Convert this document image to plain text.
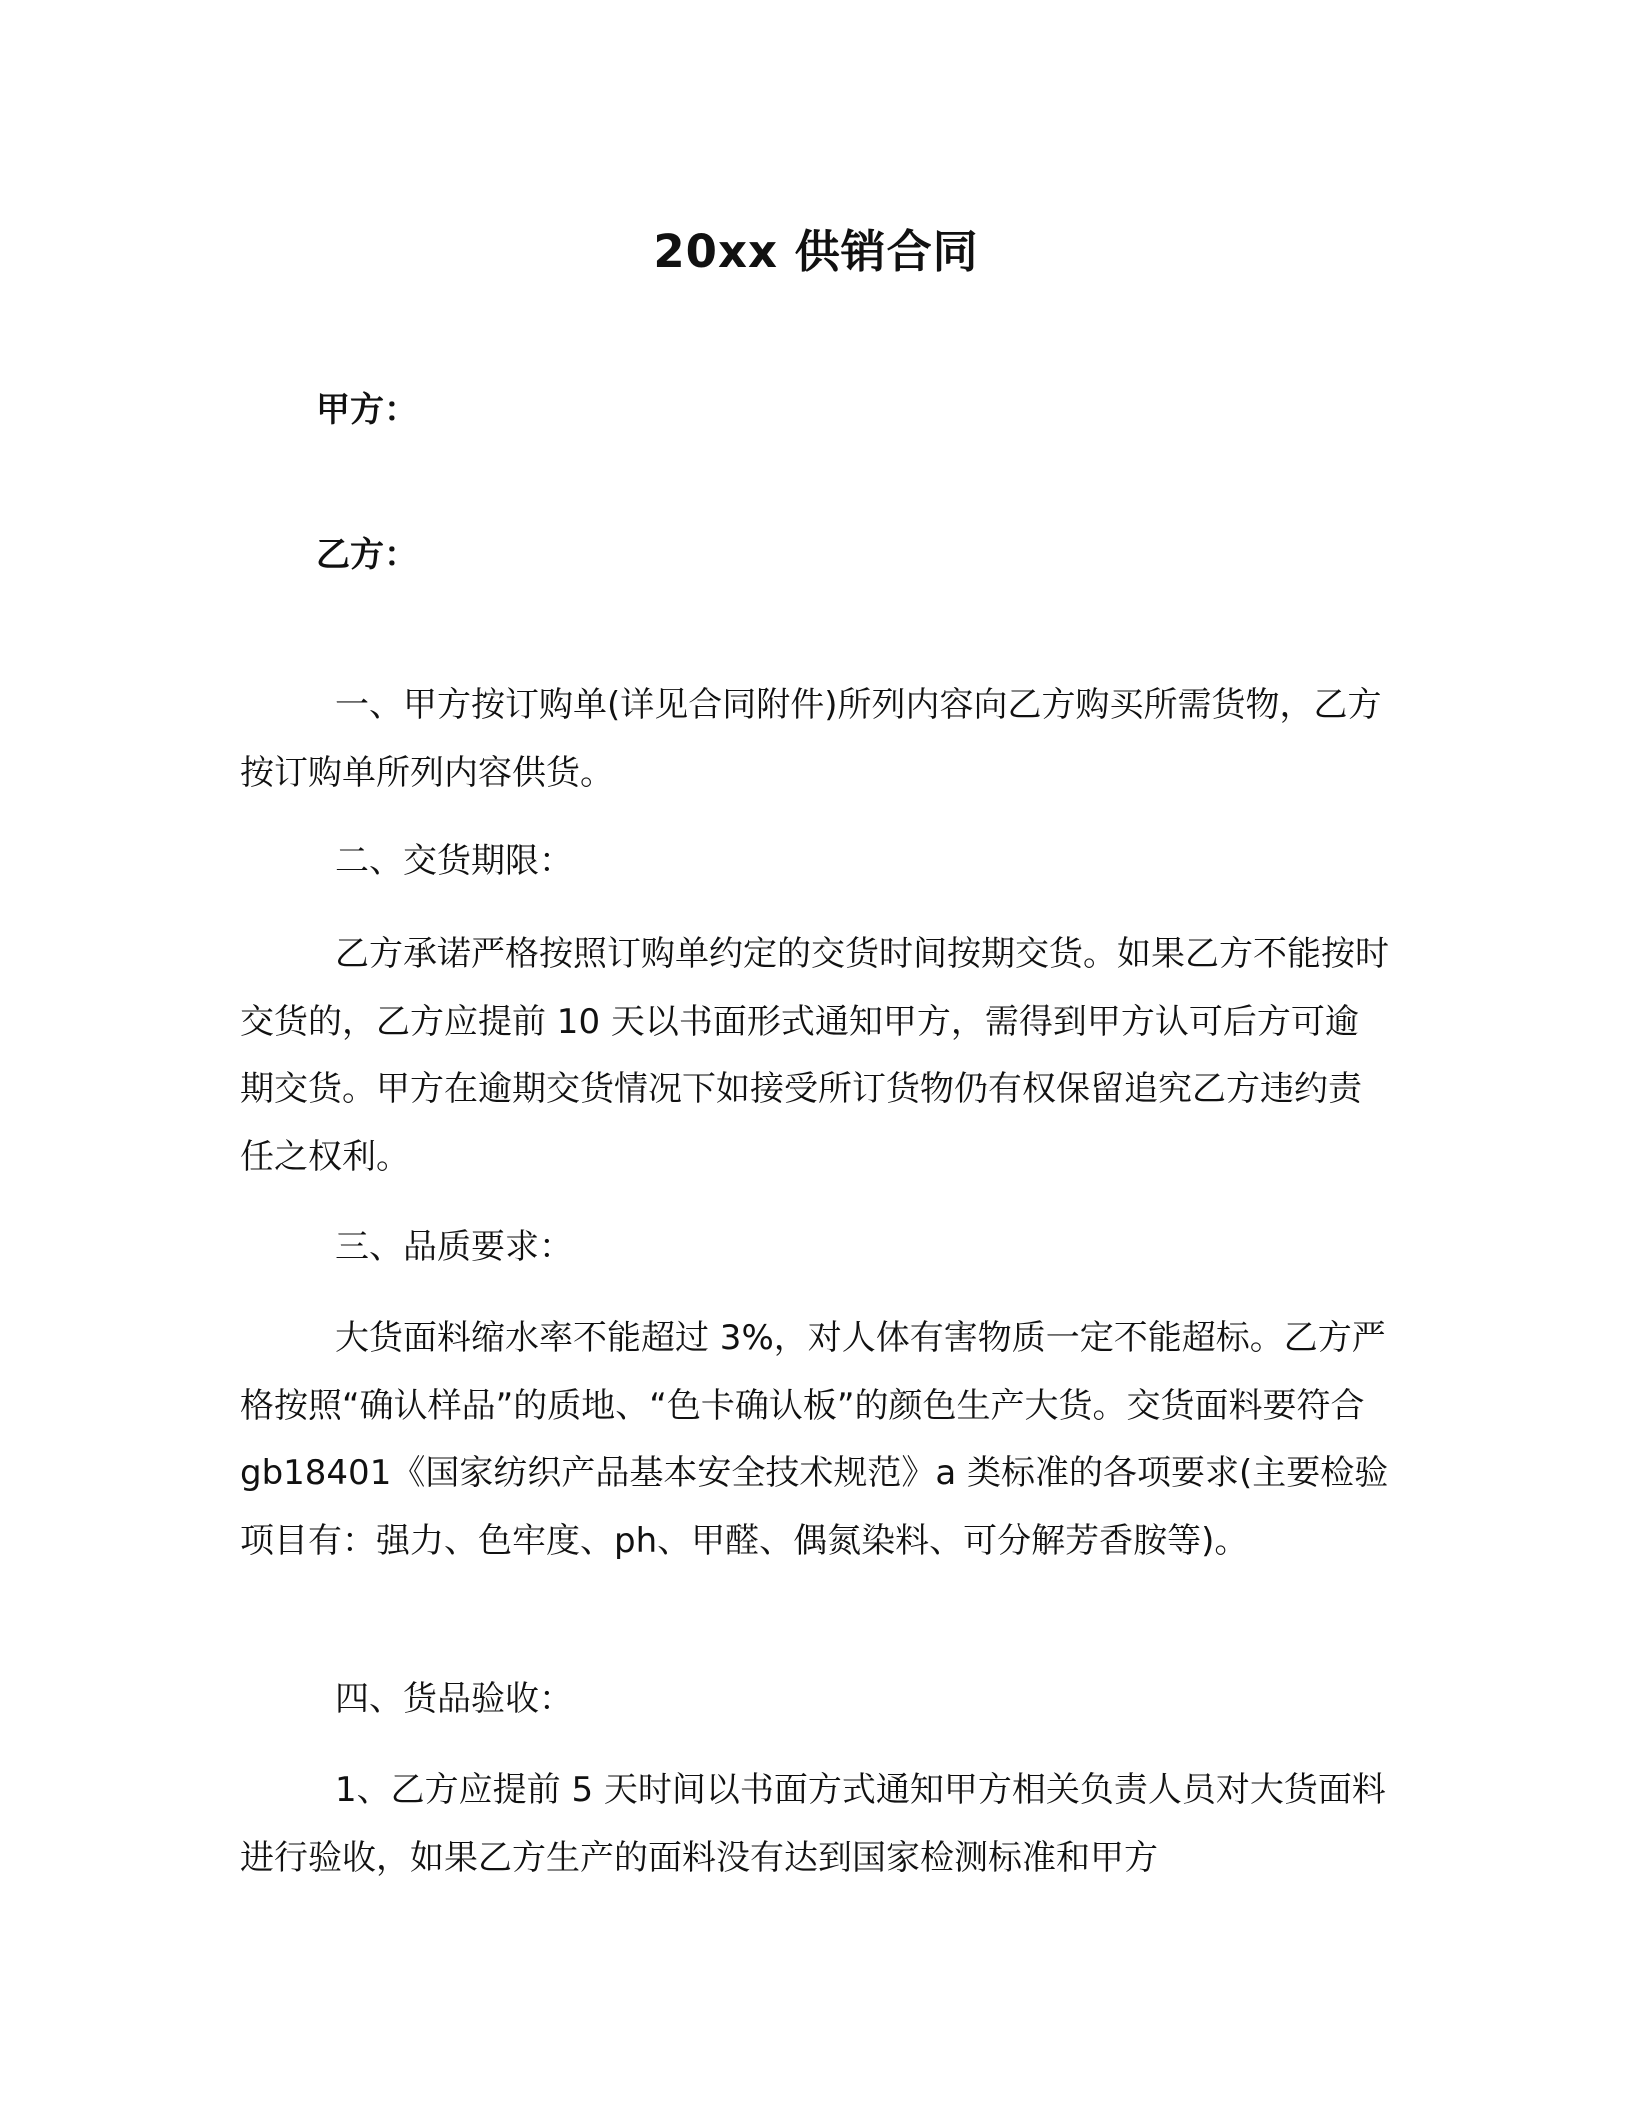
20xx 供销合同
甲方：
乙方：

一、甲方按订购单(详见合同附件)所列内容向乙方购买所需货物，乙方按订购单所列内容供货。

二、交货期限：

乙方承诺严格按照订购单约定的交货时间按期交货。如果乙方不能按时交货的，乙方应提前 10 天以书面形式通知甲方，需得到甲方认可后方可逾期交货。甲方在逾期交货情况下如接受所订货物仍有权保留追究乙方违约责任之权利。

三、品质要求：

大货面料缩水率不能超过 3%，对人体有害物质一定不能超标。乙方严格按照“确认样品”的质地、“色卡确认板”的颜色生产大货。交货面料要符合 gb18401《国家纺织产品基本安全技术规范》a 类标准的各项要求(主要检验项目有：强力、色牢度、ph、甲醛、偶氮染料、可分解芳香胺等)。

四、货品验收：

1、乙方应提前 5 天时间以书面方式通知甲方相关负责人员对大货面料进行验收，如果乙方生产的面料没有达到国家检测标准和甲方
